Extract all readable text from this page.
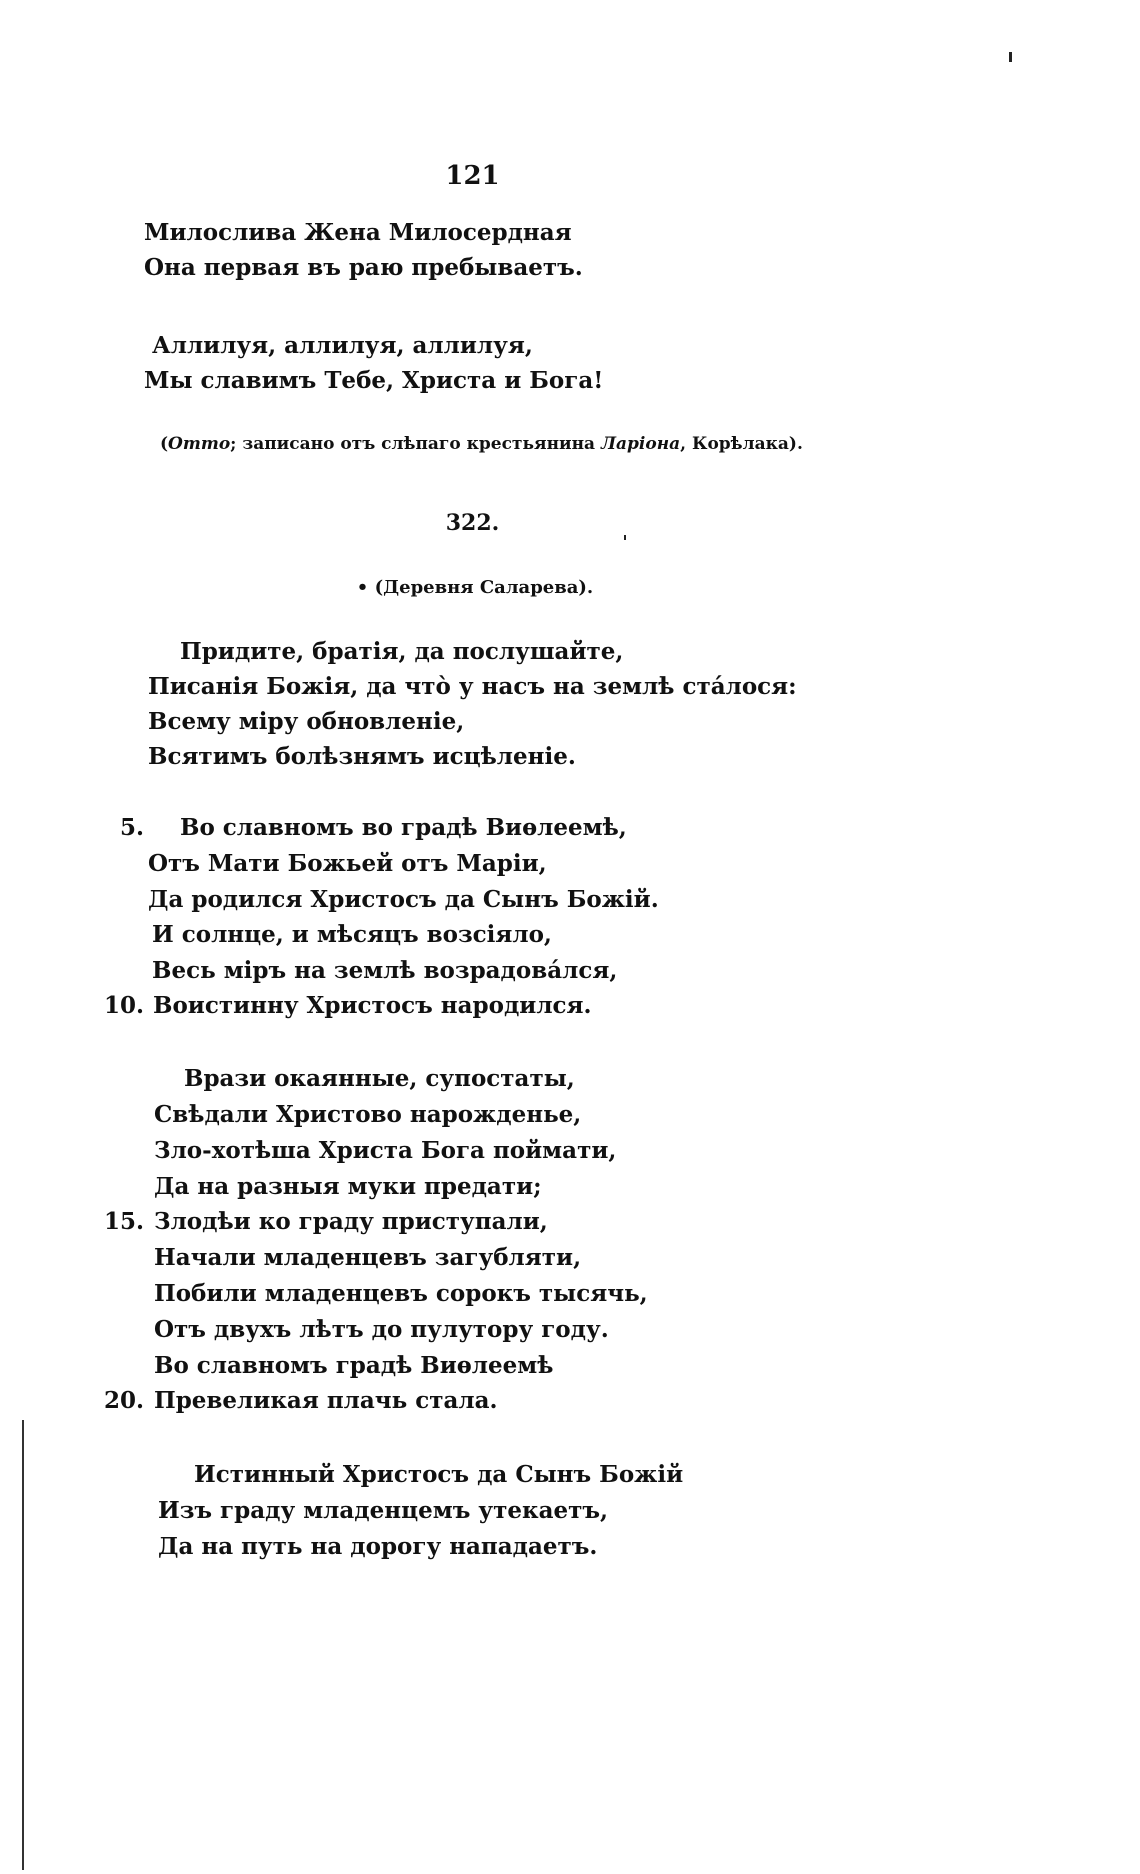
121
Милослива Жена Милосердная
Она первая въ раю пребываетъ.
Аллилуя, аллилуя, аллилуя,
Мы славимъ Тебе, Христа и Бога!
(Отто; записано отъ слѣпаго крестьянина Ларіона, Корѣлака).
322.
• (Деревня Саларева).
Придите, братія, да послушайте,
Писанія Божія, да что̀ у насъ на землѣ ста́лося:
Всему міру обновленіе,
Всятимъ болѣзнямъ исцѣленіе.
5. Во славномъ во градѣ Виѳлеемѣ,
Отъ Мати Божьей отъ Маріи,
Да родился Христосъ да Сынъ Божій.
И солнце, и мѣсяцъ возсіяло,
Весь міръ на землѣ возрадова́лся,
10. Воистинну Христосъ народился.
Врази окаянные, супостаты,
Свѣдали Христово нарожденье,
Зло-хотѣша Христа Бога поймати,
Да на разныя муки предати;
15. Злодѣи ко граду приступали,
Начали младенцевъ загубляти,
Побили младенцевъ сорокъ тысячь,
Отъ двухъ лѣтъ до пулутору году.
Во славномъ градѣ Виѳлеемѣ
20. Превеликая плачь стала.
Истинный Христосъ да Сынъ Божій
Изъ граду младенцемъ утекаетъ,
Да на путь на дорогу нападаетъ.
